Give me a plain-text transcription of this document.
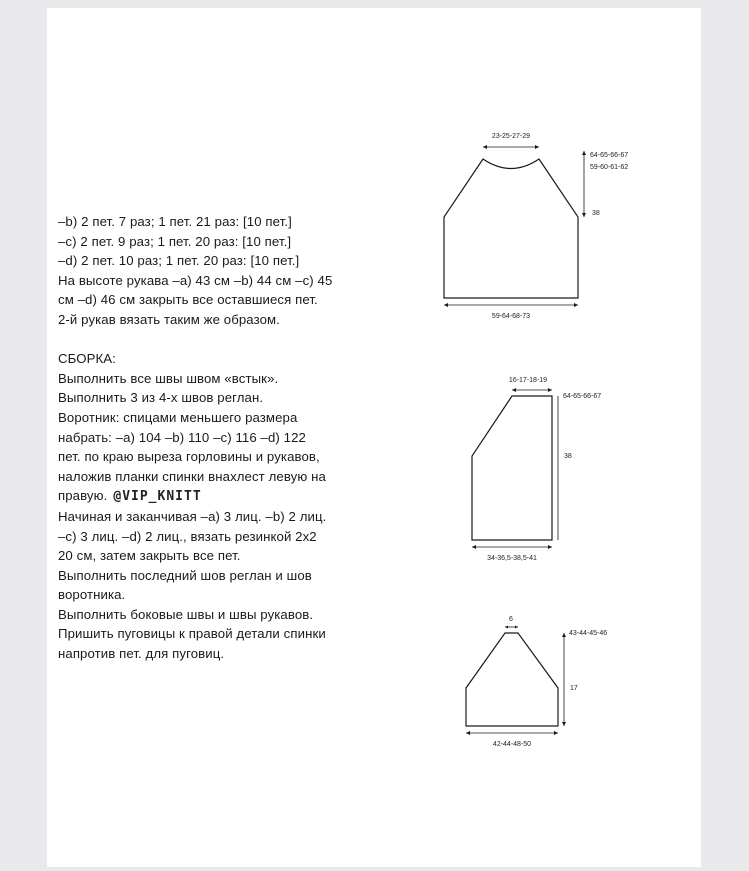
–b) 2 пет. 7 раз; 1 пет. 21 раз: [10 пет.]
–c) 2 пет. 9 раз; 1 пет. 20 раз: [10 пет.]
–d) 2 пет. 10 раз; 1 пет. 20 раз: [10 пет.]
На высоте рукава –a) 43 см –b) 44 см –c) 45
см –d) 46 см закрыть все оставшиеся пет.
2-й рукав вязать таким же образом.
СБОРКА:
Выполнить все швы швом «встык».
Выполнить 3 из 4-х швов реглан.
Воротник: спицами меньшего размера
набрать: –a) 104 –b) 110 –c) 116 –d) 122
пет. по краю выреза горловины и рукавов,
наложив планки спинки внахлест левую на
правую. @VIP_KNITT
Начиная и заканчивая –a) 3 лиц. –b) 2 лиц.
–c) 3 лиц. –d) 2 лиц., вязать резинкой 2х2
20 см, затем закрыть все пет.
Выполнить последний шов реглан и шов
воротника.
Выполнить боковые швы и швы рукавов.
Пришить пуговицы к правой детали спинки
напротив пет. для пуговиц.
23-25-27-29
64-65-66-67
59-60-61-62
38
59-64-68-73
16-17-18-19
64-65-66-67
38
34-36,5-38,5-41
6
43-44-45-46
17
42-44-48-50
